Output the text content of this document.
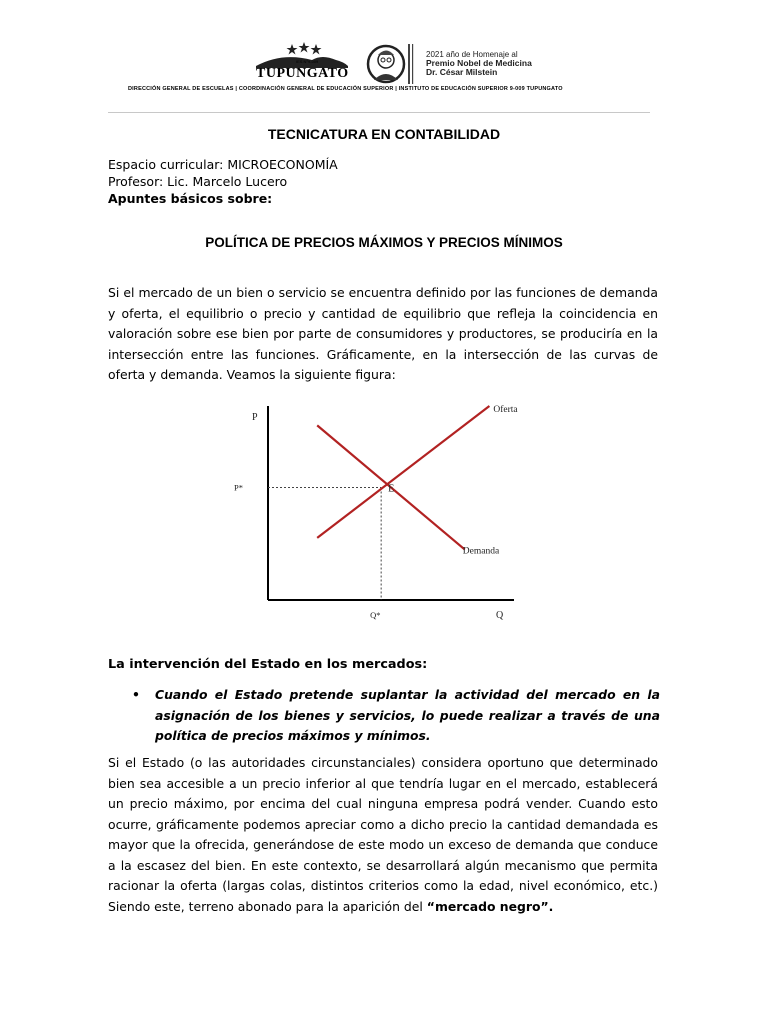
IES N°9-009
TUPUNGATO
2021 año de Homenaje al
Premio Nobel de Medicina
Dr. César Milstein
DIRECCIÓN GENERAL DE ESCUELAS | COORDINACIÓN GENERAL DE EDUCACIÓN SUPERIOR | INSTITUTO DE EDUCACIÓN SUPERIOR 9-009 TUPUNGATO
TECNICATURA EN CONTABILIDAD
Espacio curricular: MICROECONOMÍA
Profesor: Lic. Marcelo Lucero
Apuntes básicos sobre:
POLÍTICA DE PRECIOS MÁXIMOS Y PRECIOS MÍNIMOS
Si el mercado de un bien o servicio se encuentra definido por las funciones de demanda y oferta, el equilibrio o precio y cantidad de equilibrio que refleja la coincidencia en valoración sobre ese bien por parte de consumidores y productores, se produciría en la intersección entre las funciones. Gráficamente, en la intersección de las curvas de oferta y demanda. Veamos la siguiente figura:
P
Q
Oferta
Demanda
E
P*
Q*
La intervención del Estado en los mercados:
• Cuando el Estado pretende suplantar la actividad del mercado en la asignación de los bienes y servicios, lo puede realizar a través de una política de precios máximos y mínimos.
Si el Estado (o las autoridades circunstanciales) considera oportuno que determinado bien sea accesible a un precio inferior al que tendría lugar en el mercado, establecerá un precio máximo, por encima del cual ninguna empresa podrá vender. Cuando esto ocurre, gráficamente podemos apreciar como a dicho precio la cantidad demandada es mayor que la ofrecida, generándose de este modo un exceso de demanda que conduce a la escasez del bien. En este contexto, se desarrollará algún mecanismo que permita racionar la oferta (largas colas, distintos criterios como la edad, nivel económico, etc.) Siendo este, terreno abonado para la aparición del “mercado negro”.
